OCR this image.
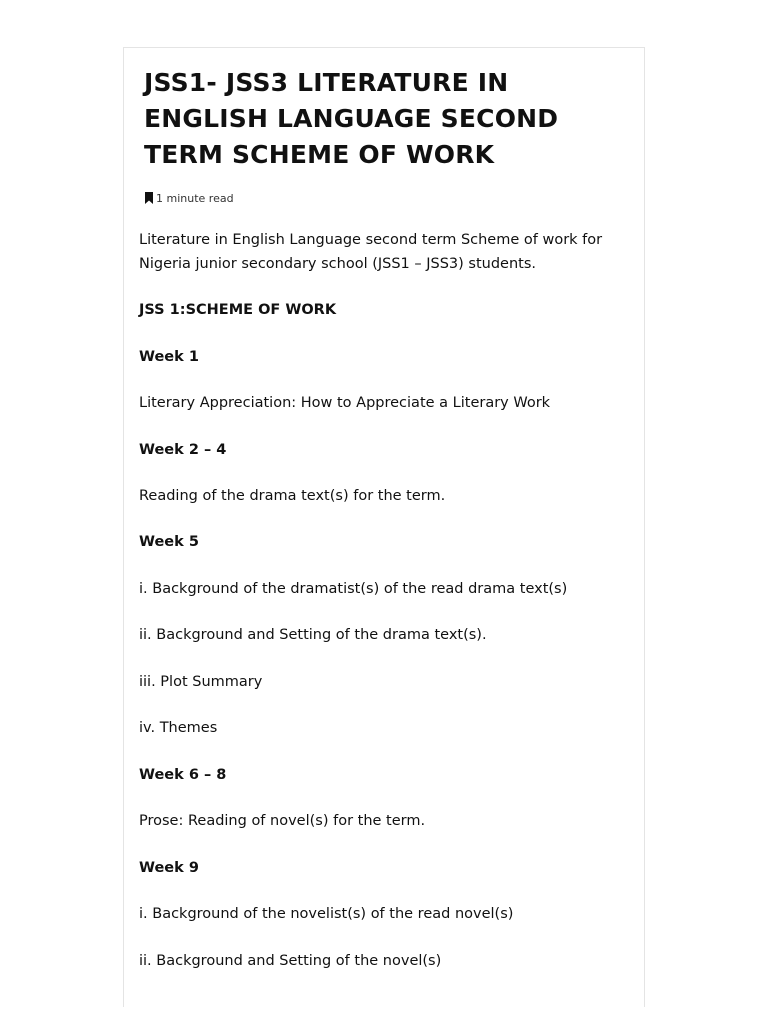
JSS1- JSS3 LITERATURE IN ENGLISH LANGUAGE SECOND TERM SCHEME OF WORK
1 minute read

Literature in English Language second term Scheme of work for Nigeria junior secondary school (JSS1 – JSS3) students.

JSS 1:SCHEME OF WORK

Week 1

Literary Appreciation: How to Appreciate a Literary Work

Week 2 – 4

Reading of the drama text(s) for the term.

Week 5

i. Background of the dramatist(s) of the read drama text(s)

ii. Background and Setting of the drama text(s).

iii. Plot Summary

iv. Themes

Week 6 – 8

Prose: Reading of novel(s) for the term.

Week 9

i. Background of the novelist(s) of the read novel(s)

ii. Background and Setting of the novel(s)
